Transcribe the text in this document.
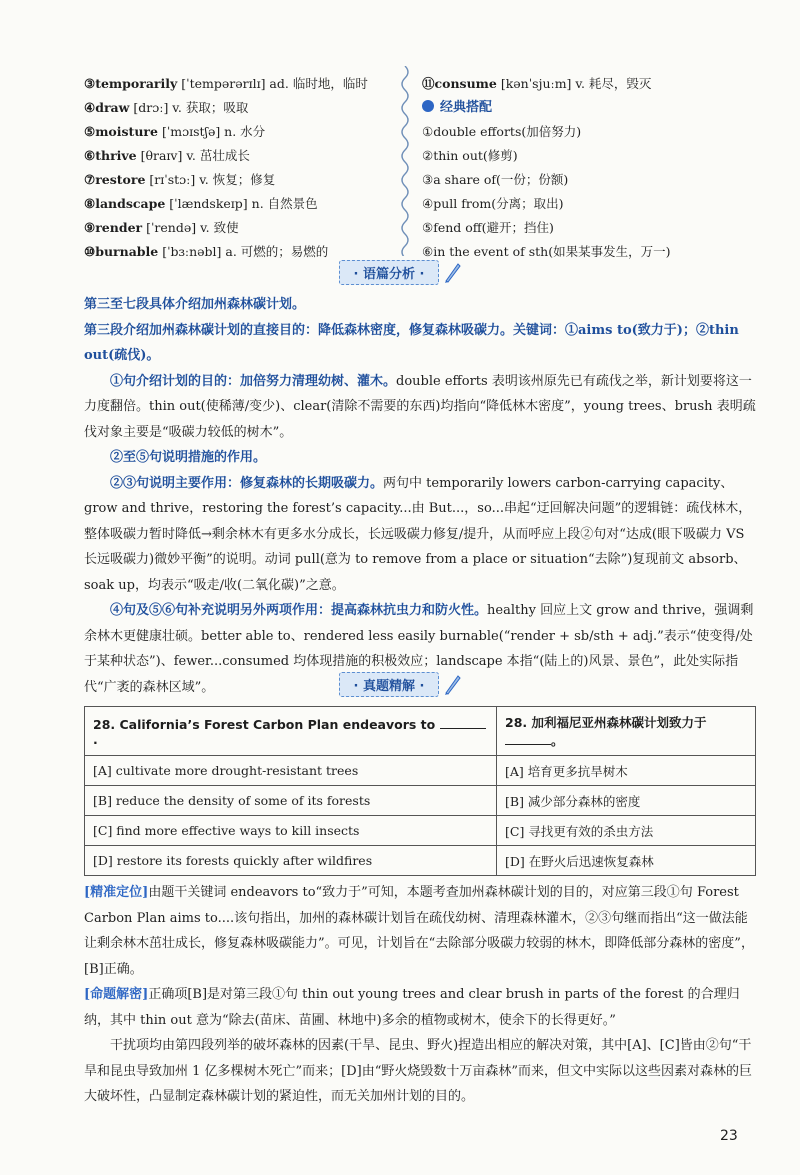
③temporarily [ˈtempərərɪlɪ] ad. 临时地，临时
④draw [drɔː] v. 获取；吸取
⑤moisture [ˈmɔɪstʃə] n. 水分
⑥thrive [θraɪv] v. 茁壮成长
⑦restore [rɪˈstɔː] v. 恢复；修复
⑧landscape [ˈlændskeɪp] n. 自然景色
⑨render [ˈrendə] v. 致使
⑩burnable [ˈbɜːnəbl] a. 可燃的；易燃的
⑪consume [kənˈsjuːm] v. 耗尽，毁灭
经典搭配
①double efforts(加倍努力)
②thin out(修剪)
③a share of(一份；份额)
④pull from(分离；取出)
⑤fend off(避开；挡住)
⑥in the event of sth(如果某事发生，万一)
· 语篇分析 ·

第三至七段具体介绍加州森林碳计划。

第三段介绍加州森林碳计划的直接目的：降低森林密度，修复森林吸碳力。关键词：①aims to(致力于)；②thin out(疏伐)。

①句介绍计划的目的：加倍努力清理幼树、灌木。double efforts 表明该州原先已有疏伐之举，新计划要将这一力度翻倍。thin out(使稀薄/变少)、clear(清除不需要的东西)均指向“降低林木密度”，young trees、brush 表明疏伐对象主要是“吸碳力较低的树木”。

②至⑤句说明措施的作用。

②③句说明主要作用：修复森林的长期吸碳力。两句中 temporarily lowers carbon-carrying capacity、grow and thrive，restoring the forest’s capacity...由 But...，so...串起“迂回解决问题”的逻辑链：疏伐林木，整体吸碳力暂时降低→剩余林木有更多水分成长，长远吸碳力修复/提升，从而呼应上段②句对“达成(眼下吸碳力 VS 长远吸碳力)微妙平衡”的说明。动词 pull(意为 to remove from a place or situation“去除”)复现前文 absorb、soak up，均表示“吸走/收(二氧化碳)”之意。

④句及⑤⑥句补充说明另外两项作用：提高森林抗虫力和防火性。healthy 回应上文 grow and thrive，强调剩余林木更健康壮硕。better able to、rendered less easily burnable(“render + sb/sth + adj.”表示“使变得/处于某种状态”)、fewer...consumed 均体现措施的积极效应；landscape 本指“(陆上的)风景、景色”，此处实际指代“广袤的森林区域”。	· 真题精解 ·
28. California’s Forest Carbon Plan endeavors to .	28. 加利福尼亚州森林碳计划致力于。
[A] cultivate more drought-resistant trees	[A] 培育更多抗旱树木
[B] reduce the density of some of its forests	[B] 减少部分森林的密度
[C] find more effective ways to kill insects	[C] 寻找更有效的杀虫方法
[D] restore its forests quickly after wildfires	[D] 在野火后迅速恢复森林

[精准定位]由题干关键词 endeavors to“致力于”可知，本题考查加州森林碳计划的目的，对应第三段①句 Forest Carbon Plan aims to....该句指出，加州的森林碳计划旨在疏伐幼树、清理森林灌木，②③句继而指出“这一做法能让剩余林木茁壮成长，修复森林吸碳能力”。可见，计划旨在“去除部分吸碳力较弱的林木，即降低部分森林的密度”，[B]正确。

[命题解密]正确项[B]是对第三段①句 thin out young trees and clear brush in parts of the forest 的合理归纳，其中 thin out 意为“除去(苗床、苗圃、林地中)多余的植物或树木，使余下的长得更好。”

干扰项均由第四段列举的破坏森林的因素(干旱、昆虫、野火)捏造出相应的解决对策，其中[A]、[C]皆由②句“干旱和昆虫导致加州 1 亿多棵树木死亡”而来；[D]由“野火烧毁数十万亩森林”而来，但文中实际以这些因素对森林的巨大破坏性，凸显制定森林碳计划的紧迫性，而无关加州计划的目的。

23
